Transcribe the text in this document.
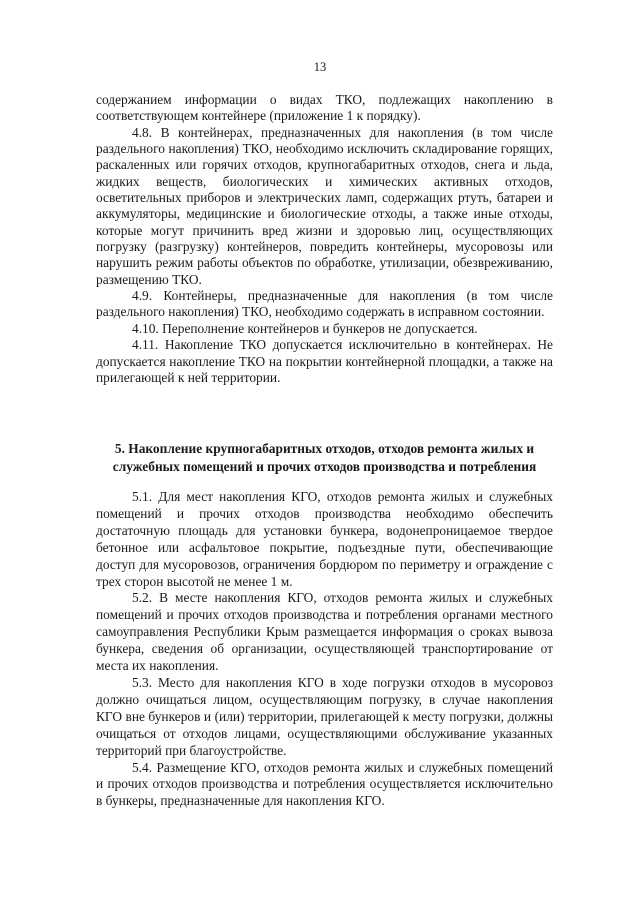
13

содержанием информации о видах ТКО, подлежащих накоплению в соответствующем контейнере (приложение 1 к порядку).

4.8. В контейнерах, предназначенных для накопления (в том числе раздельного накопления) ТКО, необходимо исключить складирование горящих, раскаленных или горячих отходов, крупногабаритных отходов, снега и льда, жидких веществ, биологических и химических активных отходов, осветительных приборов и электрических ламп, содержащих ртуть, батареи и аккумуляторы, медицинские и биологические отходы, а также иные отходы, которые могут причинить вред жизни и здоровью лиц, осуществляющих погрузку (разгрузку) контейнеров, повредить контейнеры, мусоровозы или нарушить режим работы объектов по обработке, утилизации, обезвреживанию, размещению ТКО.

4.9. Контейнеры, предназначенные для накопления (в том числе раздельного накопления) ТКО, необходимо содержать в исправном состоянии.

4.10. Переполнение контейнеров и бункеров не допускается.

4.11. Накопление ТКО допускается исключительно в контейнерах. Не допускается накопление ТКО на покрытии контейнерной площадки, а также на прилегающей к ней территории.

5. Накопление крупногабаритных отходов, отходов ремонта жилых и

служебных помещений и прочих отходов производства и потребления

5.1. Для мест накопления КГО, отходов ремонта жилых и служебных помещений и прочих отходов производства необходимо обеспечить достаточную площадь для установки бункера, водонепроницаемое твердое бетонное или асфальтовое покрытие, подъездные пути, обеспечивающие доступ для мусоровозов, ограничения бордюром по периметру и ограждение с трех сторон высотой не менее 1 м.

5.2. В месте накопления КГО, отходов ремонта жилых и служебных помещений и прочих отходов производства и потребления органами местного самоуправления Республики Крым размещается информация о сроках вывоза бункера, сведения об организации, осуществляющей транспортирование от места их накопления.

5.3. Место для накопления КГО в ходе погрузки отходов в мусоровоз должно очищаться лицом, осуществляющим погрузку, в случае накопления КГО вне бункеров и (или) территории, прилегающей к месту погрузки, должны очищаться от отходов лицами, осуществляющими обслуживание указанных территорий при благоустройстве.

5.4. Размещение КГО, отходов ремонта жилых и служебных помещений и прочих отходов производства и потребления осуществляется исключительно в бункеры, предназначенные для накопления КГО.
